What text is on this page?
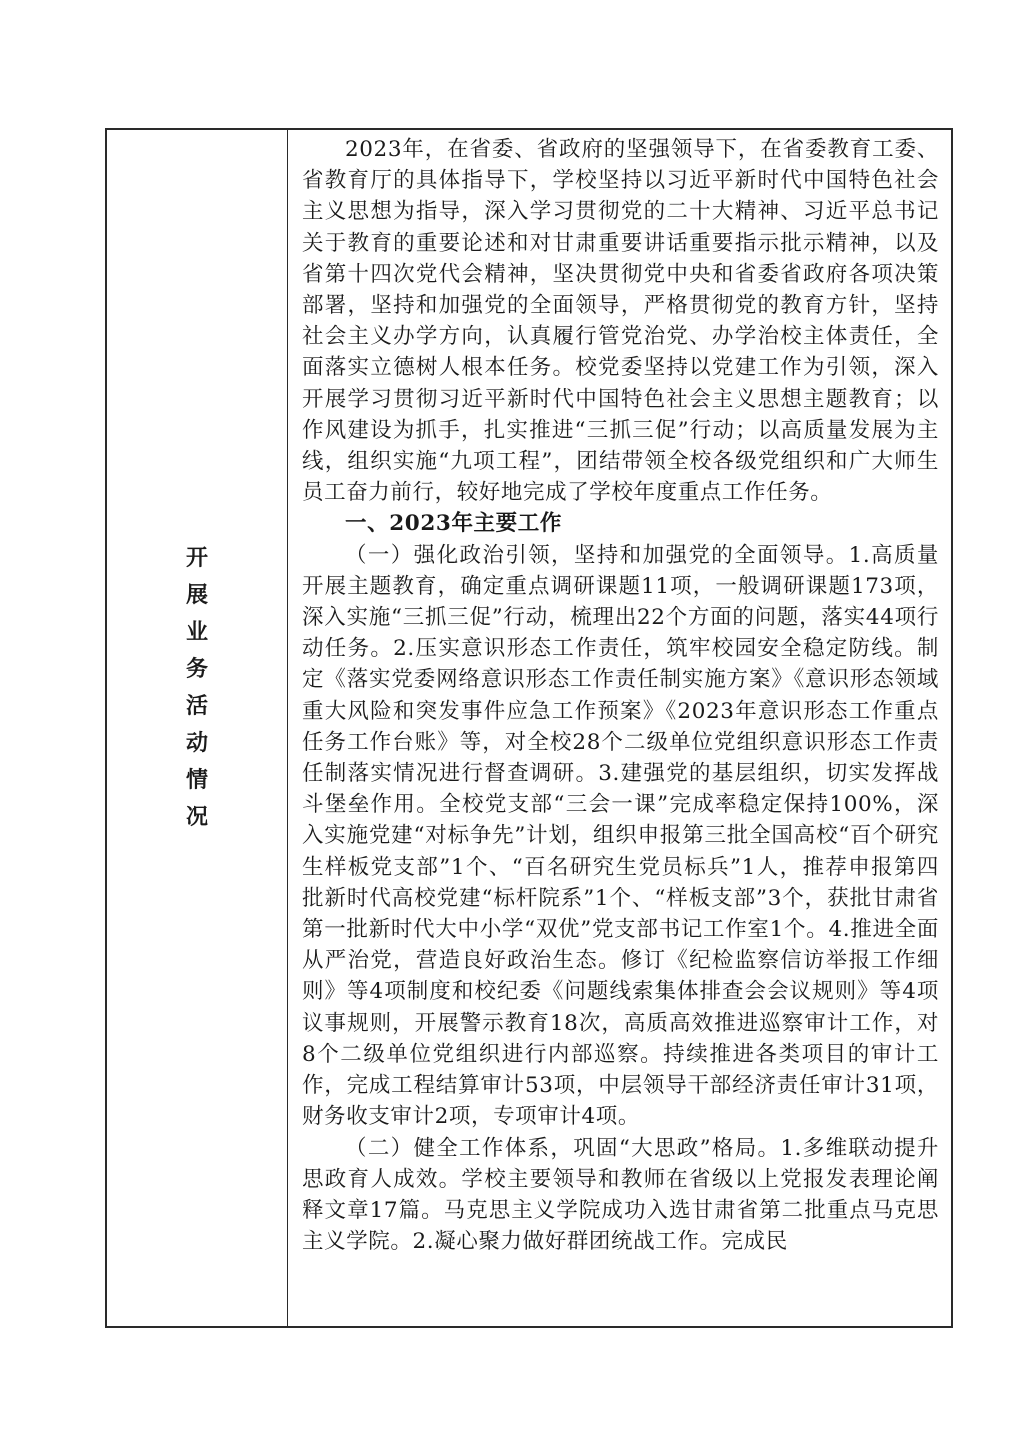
开
展
业
务
活
动
情
况

2023年，在省委、省政府的坚强领导下，在省委教育工委、省教育厅的具体指导下，学校坚持以习近平新时代中国特色社会主义思想为指导，深入学习贯彻党的二十大精神、习近平总书记关于教育的重要论述和对甘肃重要讲话重要指示批示精神，以及省第十四次党代会精神，坚决贯彻党中央和省委省政府各项决策部署，坚持和加强党的全面领导，严格贯彻党的教育方针，坚持社会主义办学方向，认真履行管党治党、办学治校主体责任，全面落实立德树人根本任务。校党委坚持以党建工作为引领，深入开展学习贯彻习近平新时代中国特色社会主义思想主题教育；以作风建设为抓手，扎实推进“三抓三促”行动；以高质量发展为主线，组织实施“九项工程”，团结带领全校各级党组织和广大师生员工奋力前行，较好地完成了学校年度重点工作任务。

一、2023年主要工作

（一）强化政治引领，坚持和加强党的全面领导。1.高质量开展主题教育，确定重点调研课题11项，一般调研课题173项，深入实施“三抓三促”行动，梳理出22个方面的问题，落实44项行动任务。2.压实意识形态工作责任，筑牢校园安全稳定防线。制定《落实党委网络意识形态工作责任制实施方案》《意识形态领域重大风险和突发事件应急工作预案》《2023年意识形态工作重点任务工作台账》等，对全校28个二级单位党组织意识形态工作责任制落实情况进行督查调研。3.建强党的基层组织，切实发挥战斗堡垒作用。全校党支部“三会一课”完成率稳定保持100%，深入实施党建“对标争先”计划，组织申报第三批全国高校“百个研究生样板党支部”1个、“百名研究生党员标兵”1人，推荐申报第四批新时代高校党建“标杆院系”1个、“样板支部”3个，获批甘肃省第一批新时代大中小学“双优”党支部书记工作室1个。4.推进全面从严治党，营造良好政治生态。修订《纪检监察信访举报工作细则》等4项制度和校纪委《问题线索集体排查会会议规则》等4项议事规则，开展警示教育18次，高质高效推进巡察审计工作，对8个二级单位党组织进行内部巡察。持续推进各类项目的审计工作，完成工程结算审计53项，中层领导干部经济责任审计31项，财务收支审计2项，专项审计4项。

（二）健全工作体系，巩固“大思政”格局。1.多维联动提升思政育人成效。学校主要领导和教师在省级以上党报发表理论阐释文章17篇。马克思主义学院成功入选甘肃省第二批重点马克思主义学院。2.凝心聚力做好群团统战工作。完成民
